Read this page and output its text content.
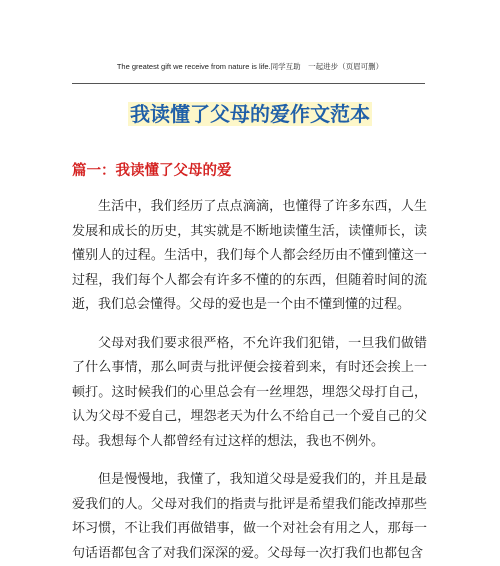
The greatest gift we receive from nature is life.同学互助　一起进步（页眉可删）
我读懂了父母的爱作文范本
篇一：我读懂了父母的爱

生活中，我们经历了点点滴滴，也懂得了许多东西，人生发展和成长的历史，其实就是不断地读懂生活，读懂师长，读懂别人的过程。生活中，我们每个人都会经历由不懂到懂这一过程，我们每个人都会有许多不懂的的东西，但随着时间的流逝，我们总会懂得。父母的爱也是一个由不懂到懂的过程。

父母对我们要求很严格，不允许我们犯错，一旦我们做错了什么事情，那么呵责与批评便会接着到来，有时还会挨上一顿打。这时候我们的心里总会有一丝埋怨，埋怨父母打自己，认为父母不爱自己，埋怨老天为什么不给自己一个爱自己的父母。我想每个人都曾经有过这样的想法，我也不例外。

但是慢慢地，我懂了，我知道父母是爱我们的，并且是最爱我们的人。父母对我们的指责与批评是希望我们能改掉那些坏习惯，不让我们再做错事，做一个对社会有用之人，那每一句话语都包含了对我们深深的爱。父母每一次打我们也都包含
